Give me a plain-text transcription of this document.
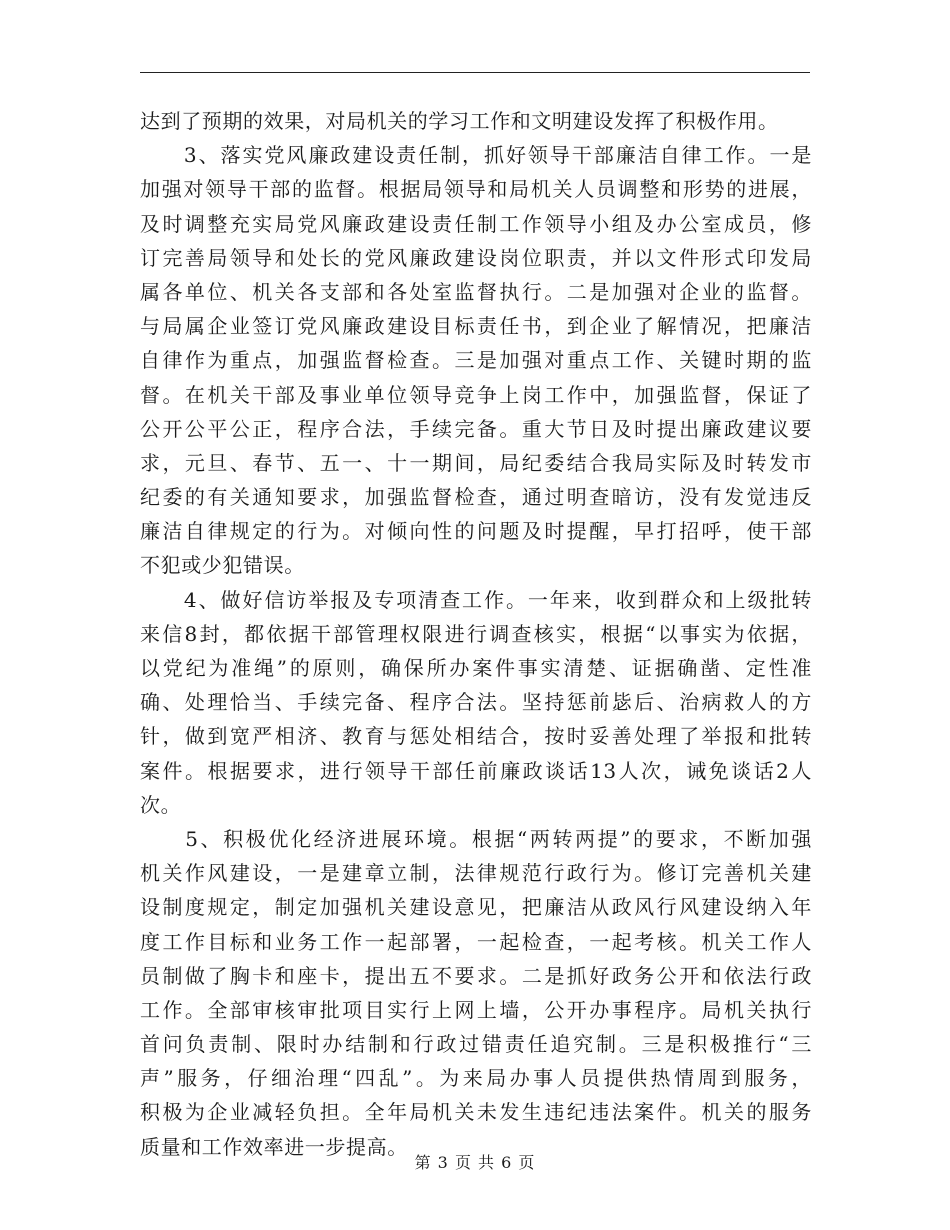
达到了预期的效果，对局机关的学习工作和文明建设发挥了积极作用。
　　3、落实党风廉政建设责任制，抓好领导干部廉洁自律工作。一是
加强对领导干部的监督。根据局领导和局机关人员调整和形势的进展，
及时调整充实局党风廉政建设责任制工作领导小组及办公室成员，修
订完善局领导和处长的党风廉政建设岗位职责，并以文件形式印发局
属各单位、机关各支部和各处室监督执行。二是加强对企业的监督。
与局属企业签订党风廉政建设目标责任书，到企业了解情况，把廉洁
自律作为重点，加强监督检查。三是加强对重点工作、关键时期的监
督。在机关干部及事业单位领导竞争上岗工作中，加强监督，保证了
公开公平公正，程序合法，手续完备。重大节日及时提出廉政建议要
求，元旦、春节、五一、十一期间，局纪委结合我局实际及时转发市
纪委的有关通知要求，加强监督检查，通过明查暗访，没有发觉违反
廉洁自律规定的行为。对倾向性的问题及时提醒，早打招呼，使干部
不犯或少犯错误。
　　4、做好信访举报及专项清查工作。一年来，收到群众和上级批转
来信8封，都依据干部管理权限进行调查核实，根据“以事实为依据，
以党纪为准绳”的原则，确保所办案件事实清楚、证据确凿、定性准
确、处理恰当、手续完备、程序合法。坚持惩前毖后、治病救人的方
针，做到宽严相济、教育与惩处相结合，按时妥善处理了举报和批转
案件。根据要求，进行领导干部任前廉政谈话13人次，诫免谈话2人
次。
　　5、积极优化经济进展环境。根据“两转两提”的要求，不断加强
机关作风建设，一是建章立制，法律规范行政行为。修订完善机关建
设制度规定，制定加强机关建设意见，把廉洁从政风行风建设纳入年
度工作目标和业务工作一起部署，一起检查，一起考核。机关工作人
员制做了胸卡和座卡，提出五不要求。二是抓好政务公开和依法行政
工作。全部审核审批项目实行上网上墙，公开办事程序。局机关执行
首问负责制、限时办结制和行政过错责任追究制。三是积极推行“三
声”服务，仔细治理“四乱”。为来局办事人员提供热情周到服务，
积极为企业减轻负担。全年局机关未发生违纪违法案件。机关的服务
质量和工作效率进一步提高。
第 3 页 共 6 页
